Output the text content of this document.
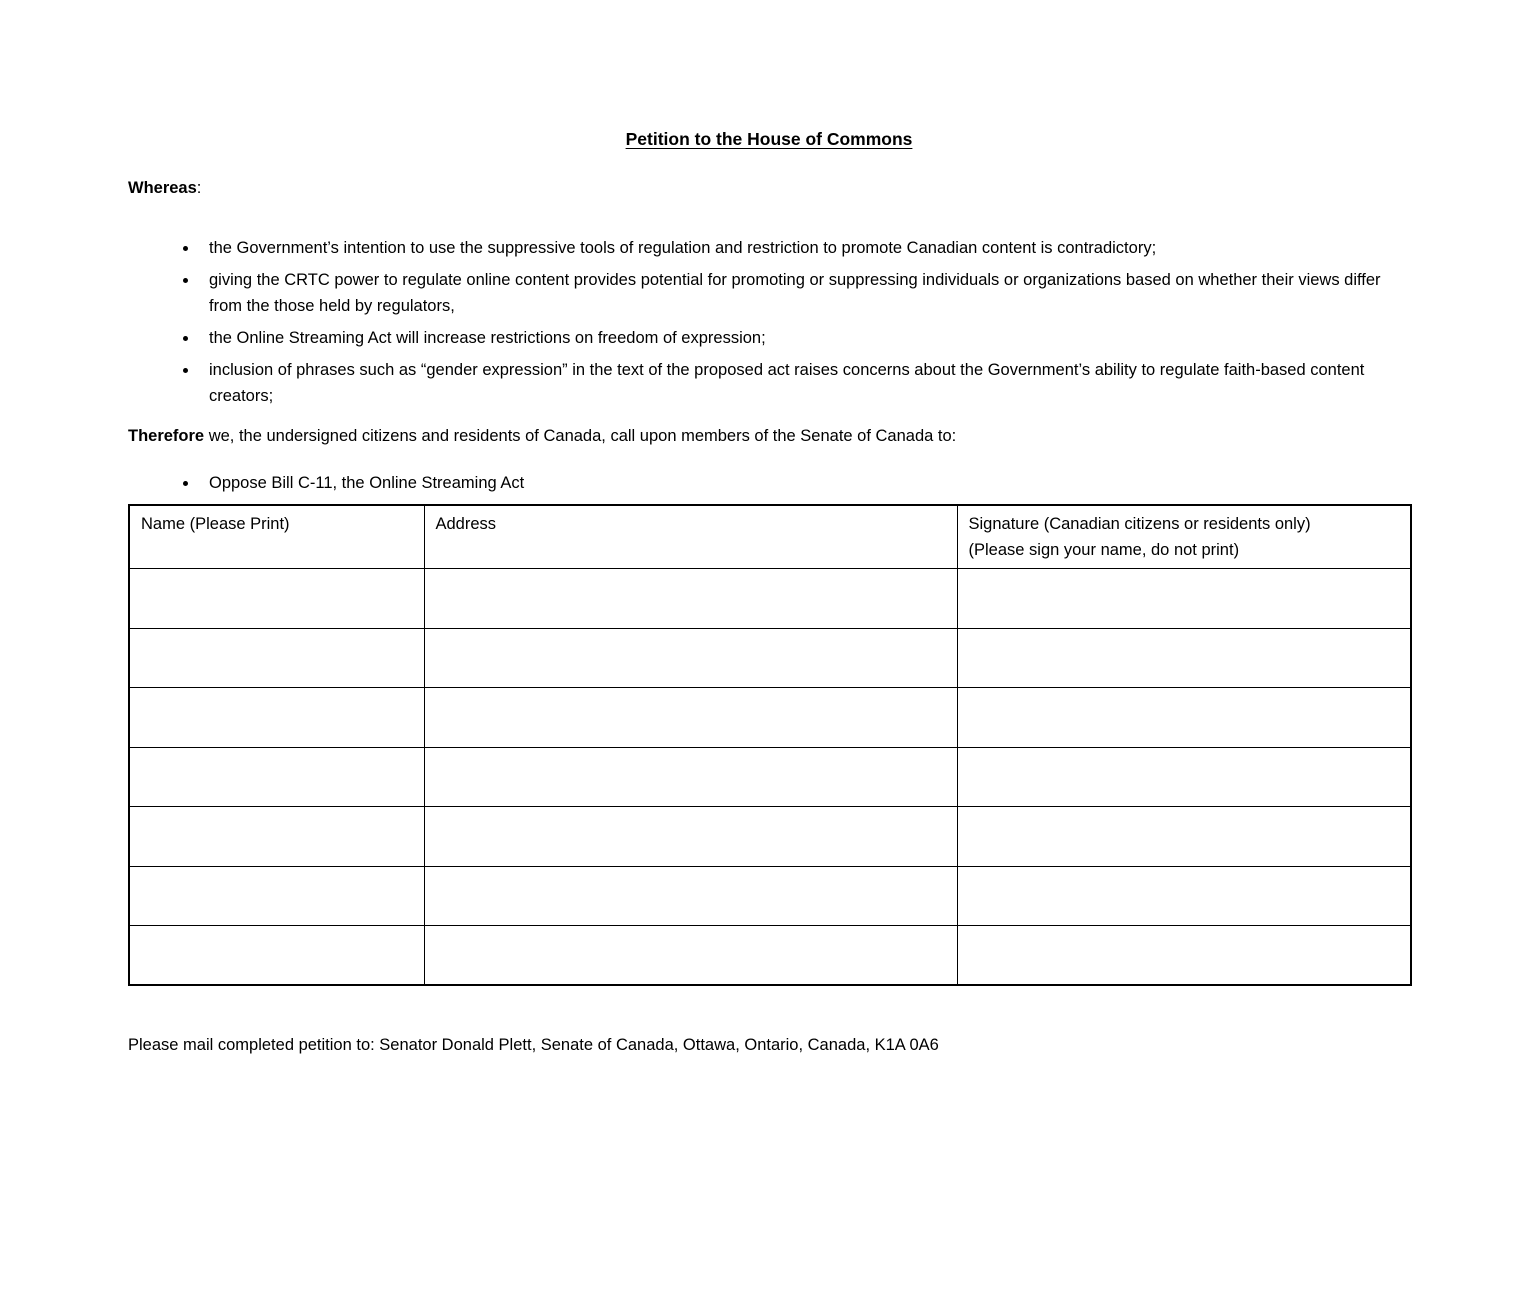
Petition to the House of Commons

Whereas:

• the Government’s intention to use the suppressive tools of regulation and restriction to promote Canadian content is contradictory;
• giving the CRTC power to regulate online content provides potential for promoting or suppressing individuals or organizations based on whether their views differ from the those held by regulators,
• the Online Streaming Act will increase restrictions on freedom of expression;
• inclusion of phrases such as “gender expression” in the text of the proposed act raises concerns about the Government’s ability to regulate faith-based content creators;

Therefore we, the undersigned citizens and residents of Canada, call upon members of the Senate of Canada to:

• Oppose Bill C-11, the Online Streaming Act
Name (Please Print)	Address	Signature (Canadian citizens or residents only)
(Please sign your name, do not print)

Please mail completed petition to: Senator Donald Plett, Senate of Canada, Ottawa, Ontario, Canada, K1A 0A6
